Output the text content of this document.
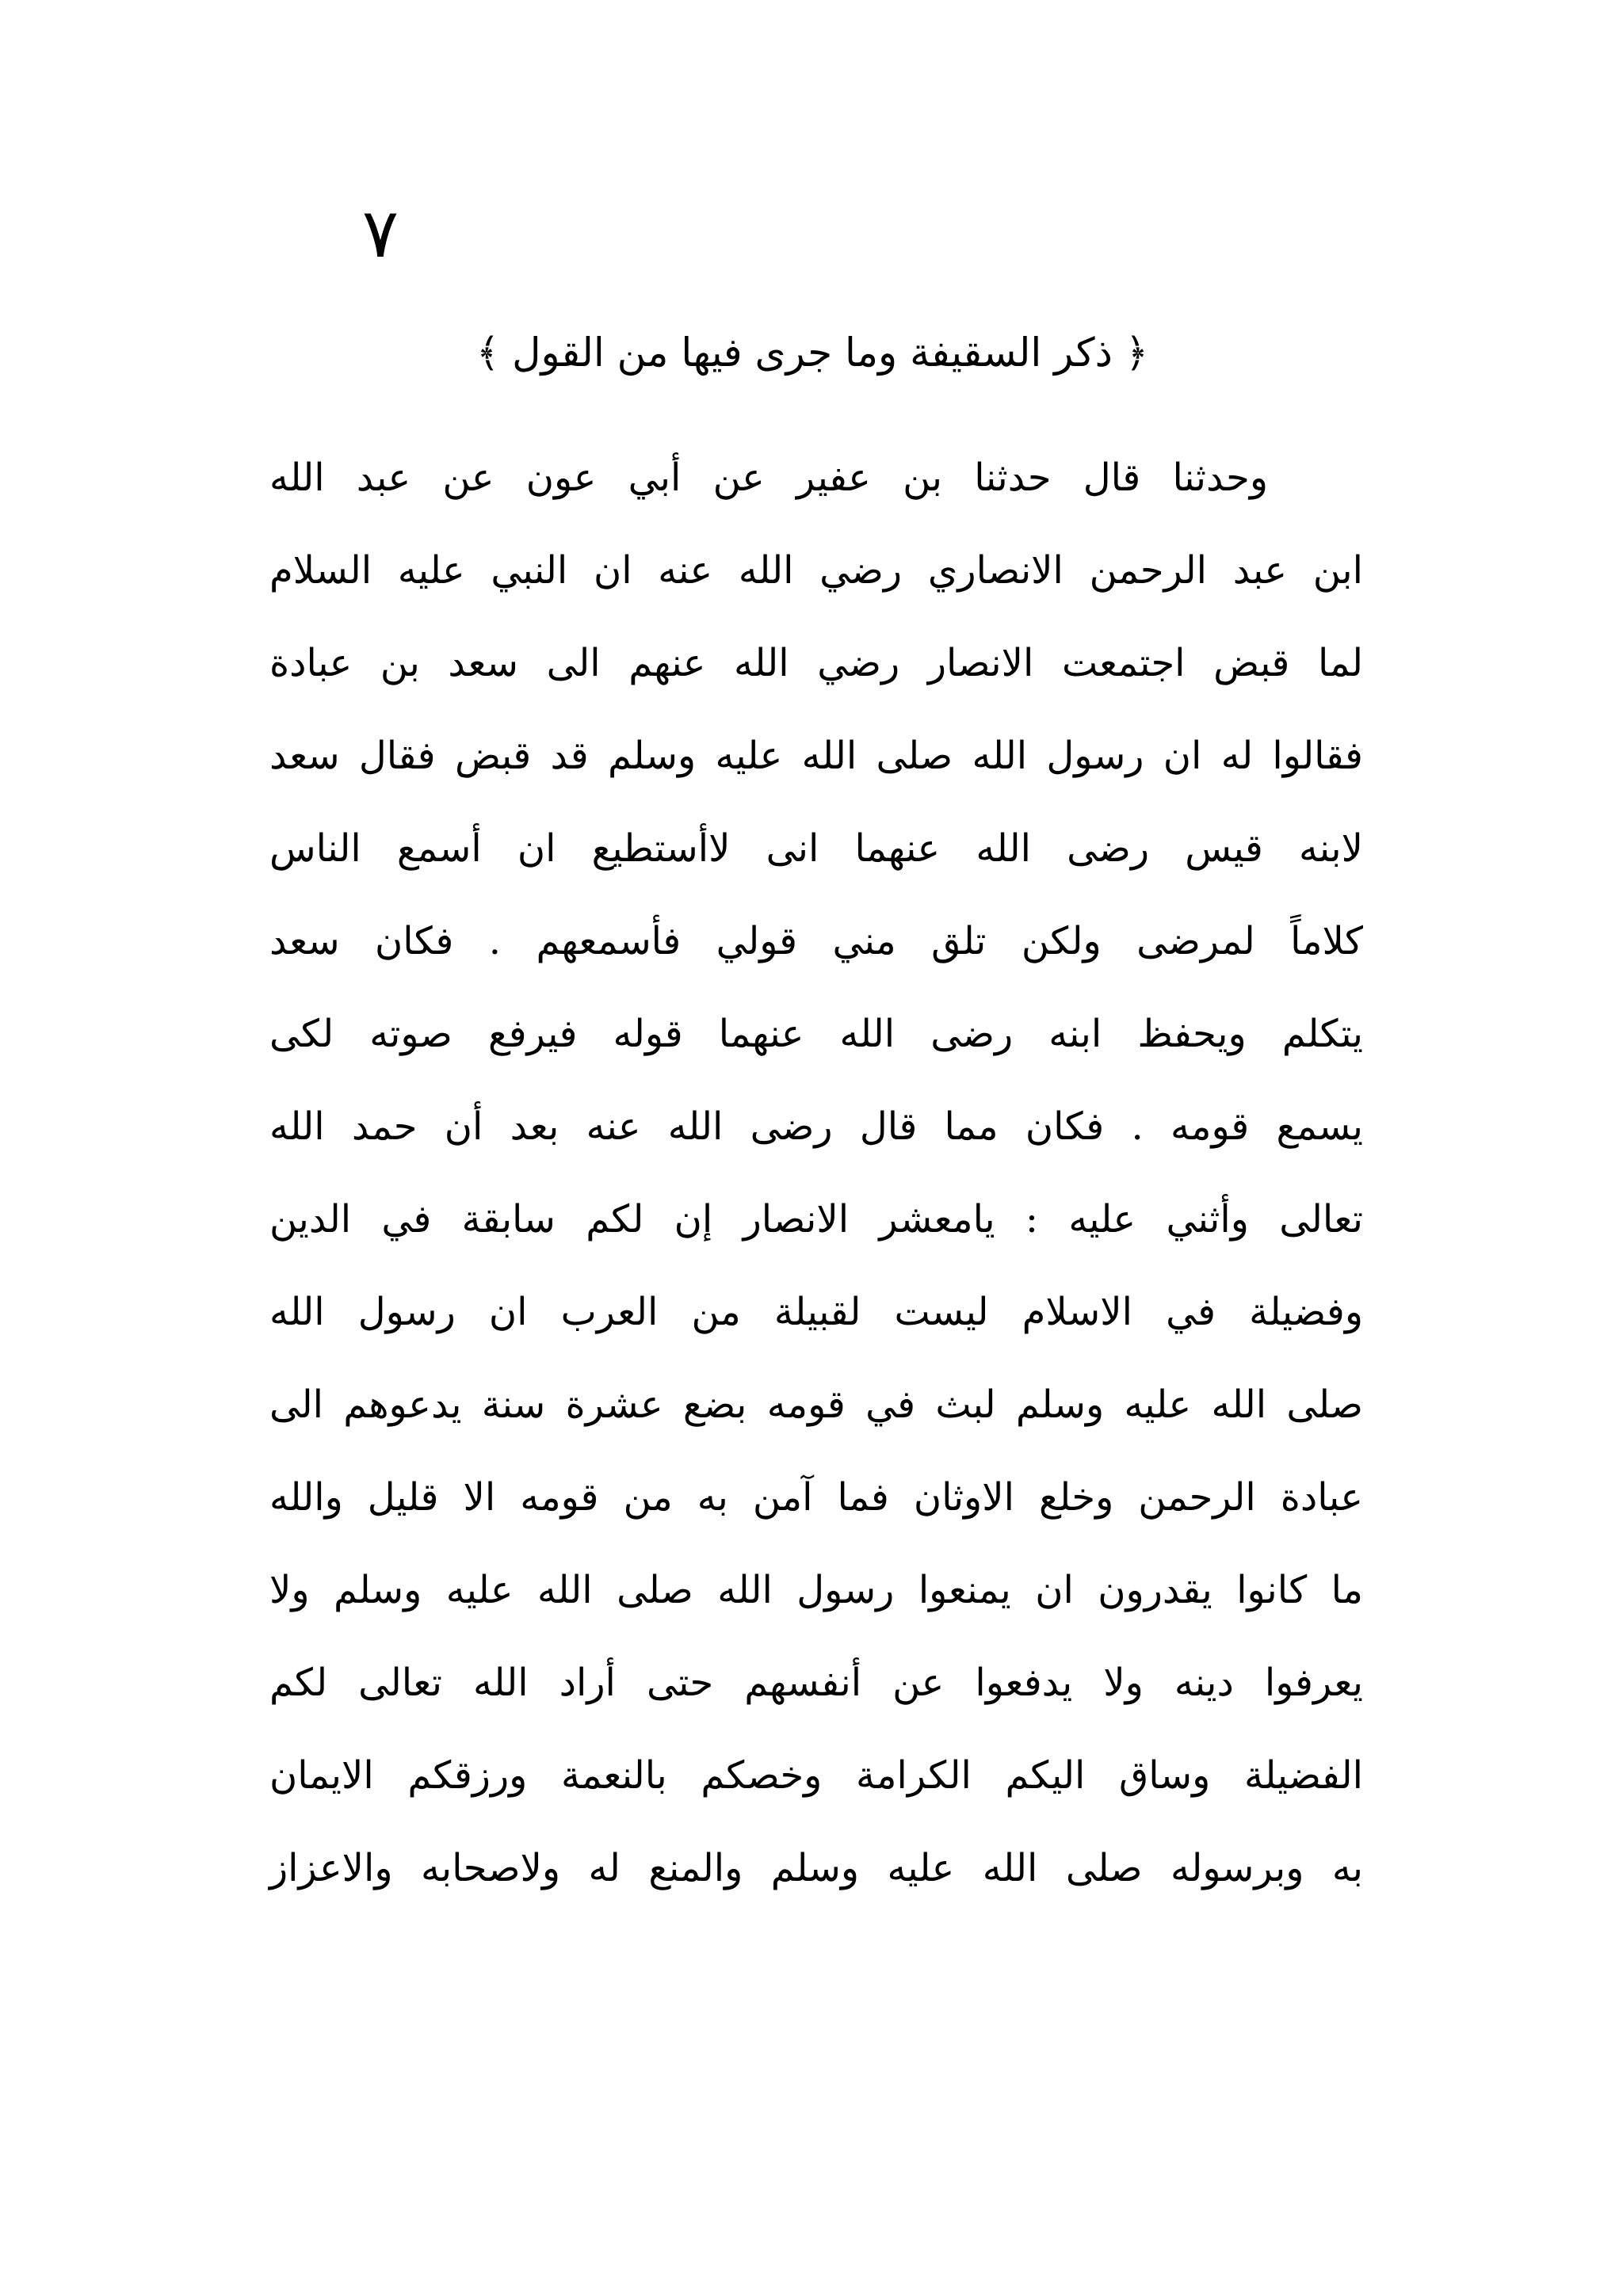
٧
﴿ ذكر السقيفة وما جرى فيها من القول ﴾
وحدثنا قال حدثنا بن عفير عن أبي عون عن عبد الله
ابن عبد الرحمن الانصاري رضي الله عنه ان النبي عليه السلام
لما قبض اجتمعت الانصار رضي الله عنهم الى سعد بن عبادة
فقالوا له ان رسول الله صلى الله عليه وسلم قد قبض فقال سعد
لابنه قيس رضى الله عنهما انى لاأستطيع ان أسمع الناس
كلاماً لمرضى ولكن تلق مني قولي فأسمعهم . فكان سعد
يتكلم ويحفظ ابنه رضى الله عنهما قوله فيرفع صوته لكى
يسمع قومه . فكان مما قال رضى الله عنه بعد أن حمد الله
تعالى وأثني عليه : يامعشر الانصار إن لكم سابقة في الدين
وفضيلة في الاسلام ليست لقبيلة من العرب ان رسول الله
صلى الله عليه وسلم لبث في قومه بضع عشرة سنة يدعوهم الى
عبادة الرحمن وخلع الاوثان فما آمن به من قومه الا قليل والله
ما كانوا يقدرون ان يمنعوا رسول الله صلى الله عليه وسلم ولا
يعرفوا دينه ولا يدفعوا عن أنفسهم حتى أراد الله تعالى لكم
الفضيلة وساق اليكم الكرامة وخصكم بالنعمة ورزقكم الايمان
به وبرسوله صلى الله عليه وسلم والمنع له ولاصحابه والاعزاز
